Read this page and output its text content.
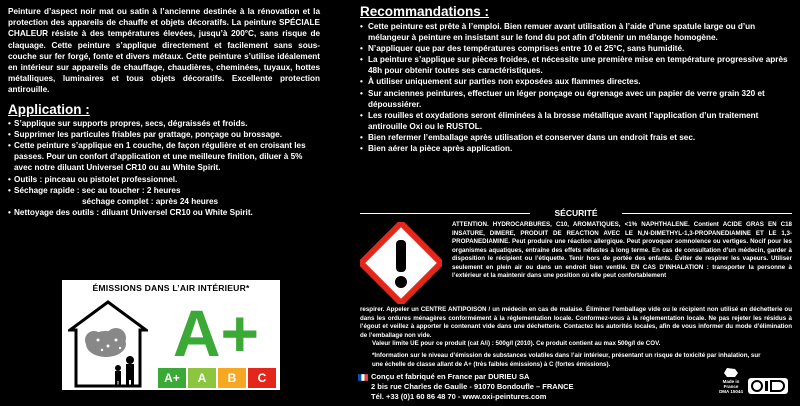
Peinture d’aspect noir mat ou satin à l’ancienne destinée à la rénovation et la protection des appareils de chauffe et objets décoratifs. La peinture SPÉCIALE CHALEUR résiste à des températures élevées, jusqu’à 200°C, sans risque de claquage. Cette peinture s’applique directement et facilement sans sous-couche sur fer forgé, fonte et divers métaux. Cette peinture s’utilise idéalement en intérieur sur appareils de chauffage, chaudières, cheminées, tuyaux, hottes métalliques, luminaires et tous objets décoratifs. Excellente protection antirouille.

Application :
• S’applique sur supports propres, secs, dégraissés et froids.
• Supprimer les particules friables par grattage, ponçage ou brossage.
• Cette peinture s’applique en 1 couche, de façon régulière et en croisant les passes. Pour un confort d’application et une meilleure finition, diluer à 5% avec notre diluant Universel CR10 ou au White Spirit.
• Outils : pinceau ou pistolet professionnel.
• Séchage rapide : sec au toucher : 2 heures
séchage complet : après 24 heures
• Nettoyage des outils : diluant Universel CR10 ou White Spirit.
ÉMISSIONS DANS L’AIR INTÉRIEUR*
A+
A+	A	B	C
Recommandations :
• Cette peinture est prête à l’emploi. Bien remuer avant utilisation à l’aide d’une spatule large ou d’un mélangeur à peinture en insistant sur le fond du pot afin d’obtenir un mélange homogène.
• N’appliquer que par des températures comprises entre 10 et 25°C, sans humidité.
• La peinture s’applique sur pièces froides, et nécessite une première mise en température progressive après 48h pour obtenir toutes ses caractéristiques.
• À utiliser uniquement sur parties non exposées aux flammes directes.
• Sur anciennes peintures, effectuer un léger ponçage ou égrenage avec un papier de verre grain 320 et dépoussiérer.
• Les rouilles et oxydations seront éliminées à la brosse métallique avant l’application d’un traitement antirouille Oxi ou le RUSTOL.
• Bien refermer l’emballage après utilisation et conserver dans un endroit frais et sec.
• Bien aérer la pièce après application.
SÉCURITÉ

ATTENTION. HYDROCARBURES, C10, AROMATIQUES, <1% NAPHTHALENE. Contient ACIDE GRAS EN C18 INSATURE, DIMERE, PRODUIT DE REACTION AVEC LE N,N-DIMETHYL-1,3-PROPANEDIAMINE ET LE 1,3-PROPANEDIAMINE. Peut produire une réaction allergique. Peut provoquer somnolence ou vertiges. Nocif pour les organismes aquatiques, entraîne des effets néfastes à long terme. En cas de consultation d’un médecin, garder à disposition le récipient ou l’étiquette. Tenir hors de portée des enfants. Éviter de respirer les vapeurs. Utiliser seulement en plein air ou dans un endroit bien ventilé. EN CAS D’INHALATION : transporter la personne à l’extérieur et la maintenir dans une position où elle peut confortablement

respirer. Appeler un CENTRE ANTIPOISON / un médecin en cas de malaise. Éliminer l’emballage vide ou le récipient non utilisé en déchetterie ou dans les ordures ménagères conformément à la réglementation locale. Conformez-vous à la réglementation locale. Ne pas rejeter les résidus à l’égout et veillez à apporter le contenant vide dans une déchetterie. Contactez les autorités locales, afin de vous informer du mode d’élimination de l’emballage non vide.

Valeur limite UE pour ce produit (cat A/i) : 500g/l (2010). Ce produit contient au max 500g/l de COV.
*Information sur le niveau d’émission de substances volatiles dans l’air intérieur, présentant un risque de toxicité par inhalation, sur une échelle de classe allant de A+ (très faibles émissions) à C (fortes émissions).
Conçu et fabriqué en France par DURIEU SA
2 bis rue Charles de Gaulle - 91070 Bondoufle – FRANCE
Tél. +33 (0)1 60 86 48 70 - www.oxi-peintures.com
Made in France
DMA 15044
